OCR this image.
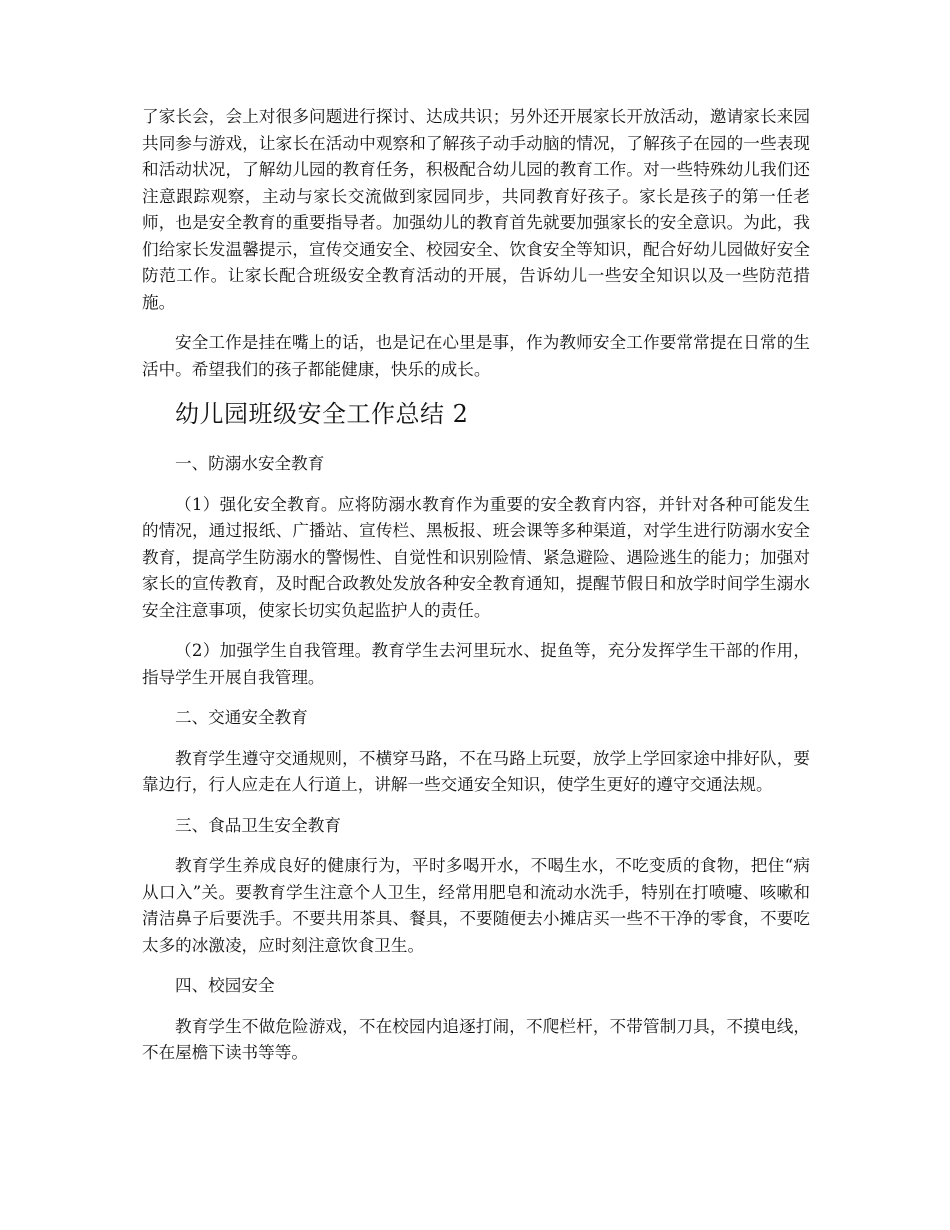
了家长会，会上对很多问题进行探讨、达成共识；另外还开展家长开放活动，邀请家长来园共同参与游戏，让家长在活动中观察和了解孩子动手动脑的情况，了解孩子在园的一些表现和活动状况，了解幼儿园的教育任务，积极配合幼儿园的教育工作。对一些特殊幼儿我们还注意跟踪观察，主动与家长交流做到家园同步，共同教育好孩子。家长是孩子的第一任老师，也是安全教育的重要指导者。加强幼儿的教育首先就要加强家长的安全意识。为此，我们给家长发温馨提示，宣传交通安全、校园安全、饮食安全等知识，配合好幼儿园做好安全防范工作。让家长配合班级安全教育活动的开展，告诉幼儿一些安全知识以及一些防范措施。

安全工作是挂在嘴上的话，也是记在心里是事，作为教师安全工作要常常提在日常的生活中。希望我们的孩子都能健康，快乐的成长。

幼儿园班级安全工作总结 2

一、防溺水安全教育

（1）强化安全教育。应将防溺水教育作为重要的安全教育内容，并针对各种可能发生的情况，通过报纸、广播站、宣传栏、黑板报、班会课等多种渠道，对学生进行防溺水安全教育，提高学生防溺水的警惕性、自觉性和识别险情、紧急避险、遇险逃生的能力；加强对家长的宣传教育，及时配合政教处发放各种安全教育通知，提醒节假日和放学时间学生溺水安全注意事项，使家长切实负起监护人的责任。

（2）加强学生自我管理。教育学生去河里玩水、捉鱼等，充分发挥学生干部的作用，指导学生开展自我管理。

二、交通安全教育

教育学生遵守交通规则，不横穿马路，不在马路上玩耍，放学上学回家途中排好队，要靠边行，行人应走在人行道上，讲解一些交通安全知识，使学生更好的遵守交通法规。

三、食品卫生安全教育

教育学生养成良好的健康行为，平时多喝开水，不喝生水，不吃变质的食物，把住“病从口入”关。要教育学生注意个人卫生，经常用肥皂和流动水洗手，特别在打喷嚏、咳嗽和清洁鼻子后要洗手。不要共用茶具、餐具，不要随便去小摊店买一些不干净的零食，不要吃太多的冰激凌，应时刻注意饮食卫生。

四、校园安全

教育学生不做危险游戏，不在校园内追逐打闹，不爬栏杆，不带管制刀具，不摸电线，不在屋檐下读书等等。
